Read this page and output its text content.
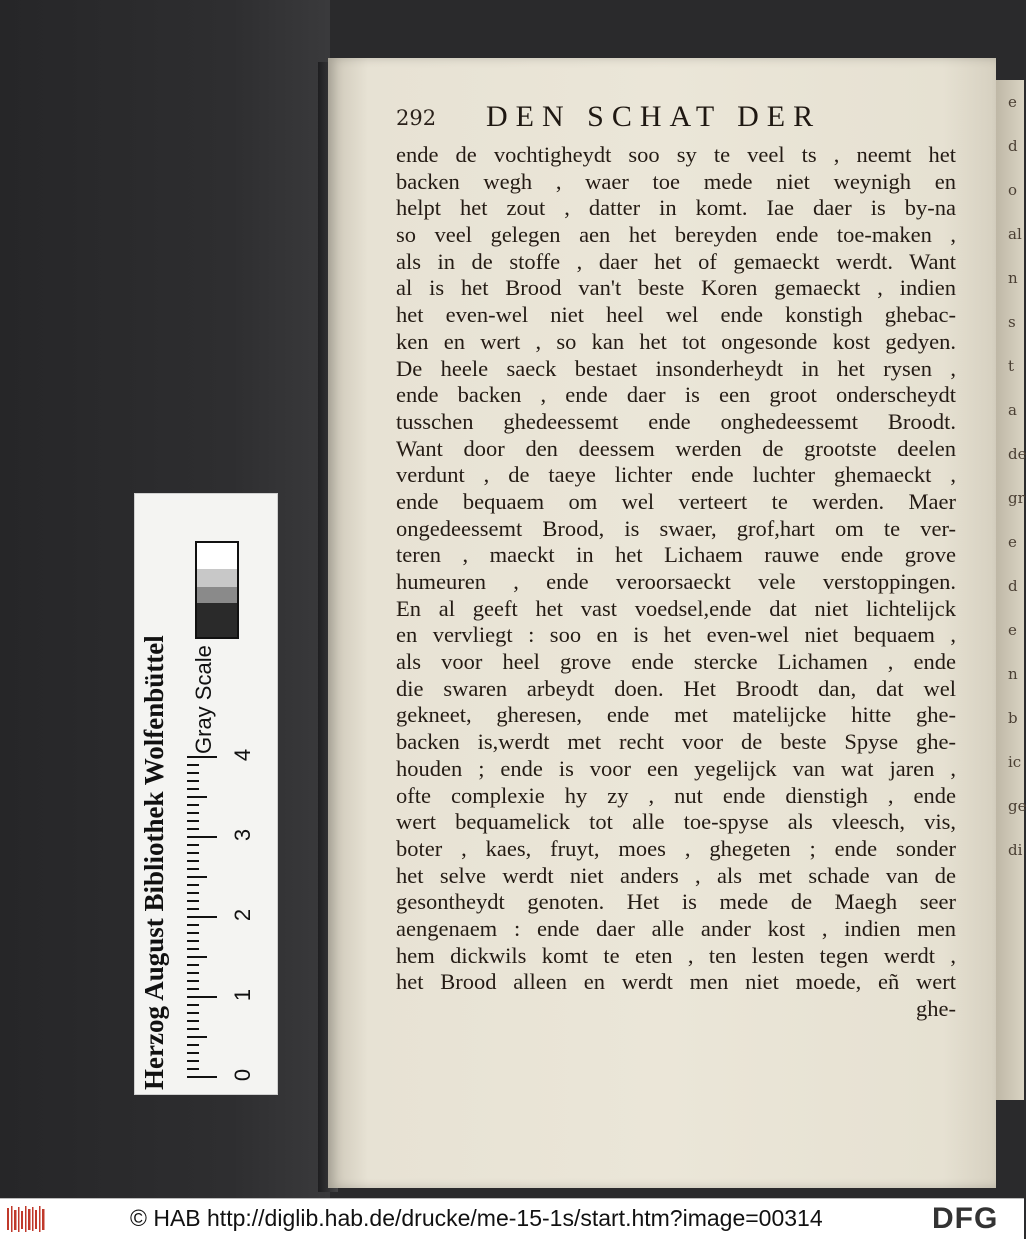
e
d
o
al
n
s
t
a
de
gr
e
d
e
n
b
ic
ge
di
292 DEN SCHAT DER
ende de vochtigheydt soo sy te veel ts , neemt het
backen wegh , waer toe mede niet weynigh en
helpt het zout , datter in komt. Iae daer is by-na
so veel gelegen aen het bereyden ende toe-maken ,
als in de stoffe , daer het of gemaeckt werdt. Want
al is het Brood van't beste Koren gemaeckt , indien
het even-wel niet heel wel ende konstigh ghebac-
ken en wert , so kan het tot ongesonde kost gedyen.
De heele saeck bestaet insonderheydt in het rysen ,
ende backen , ende daer is een groot onderscheydt
tusschen ghedeessemt ende onghedeessemt Broodt.
Want door den deessem werden de grootste deelen
verdunt , de taeye lichter ende luchter ghemaeckt ,
ende bequaem om wel verteert te werden. Maer
ongedeessemt Brood, is swaer, grof,hart om te ver-
teren , maeckt in het Lichaem rauwe ende grove
humeuren , ende veroorsaeckt vele verstoppingen.
En al geeft het vast voedsel,ende dat niet lichtelijck
en vervliegt : soo en is het even-wel niet bequaem ,
als voor heel grove ende stercke Lichamen , ende
die swaren arbeydt doen. Het Broodt dan, dat wel
gekneet, gheresen, ende met matelijcke hitte ghe-
backen is,werdt met recht voor de beste Spyse ghe-
houden ; ende is voor een yegelijck van wat jaren ,
ofte complexie hy zy , nut ende dienstigh , ende
wert bequamelick tot alle toe-spyse als vleesch, vis,
boter , kaes, fruyt, moes , ghegeten ; ende sonder
het selve werdt niet anders , als met schade van de
gesontheydt genoten. Het is mede de Maegh seer
aengenaem : ende daer alle ander kost , indien men
hem dickwils komt te eten , ten lesten tegen werdt ,
het Brood alleen en werdt men niet moede, eñ wert
ghe-
Herzog August Bibliothek Wolfenbüttel Gray Scale
0
1
2
3
4
© HAB http://diglib.hab.de/drucke/me-15-1s/start.htm?image=00314	DFG
